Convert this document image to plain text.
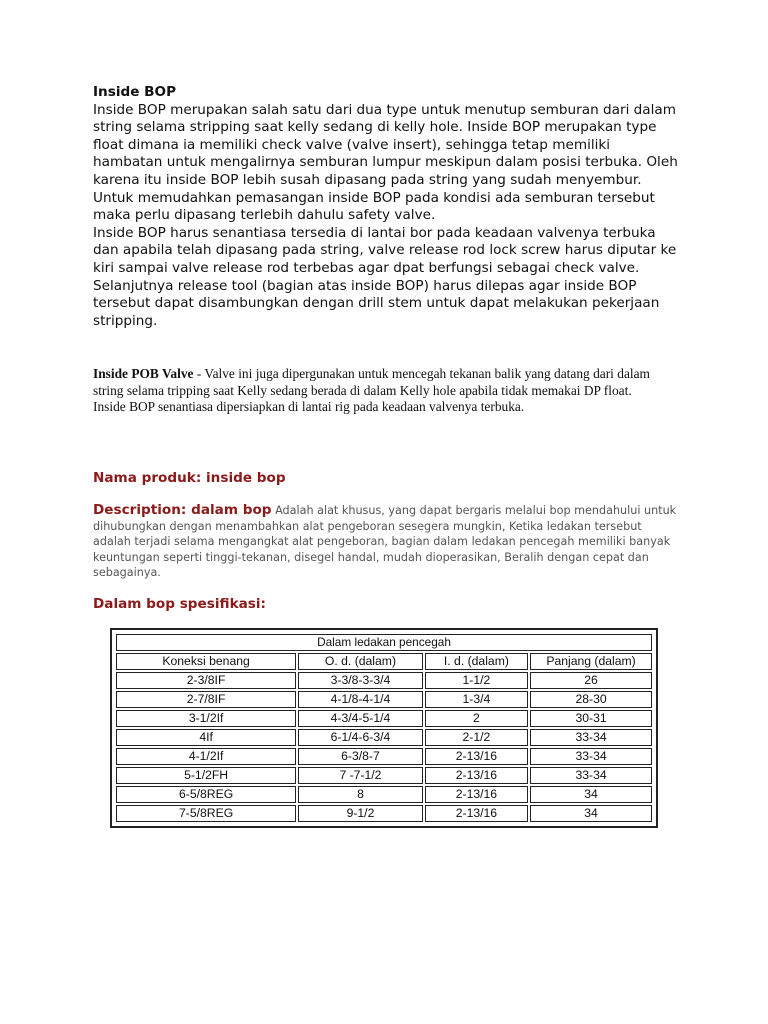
Inside BOP

Inside BOP merupakan salah satu dari dua type untuk menutup semburan dari dalam string selama stripping saat kelly sedang di kelly hole. Inside BOP merupakan type float dimana ia memiliki check valve (valve insert), sehingga tetap memiliki hambatan untuk mengalirnya semburan lumpur meskipun dalam posisi terbuka. Oleh karena itu inside BOP lebih susah dipasang pada string yang sudah menyembur. Untuk memudahkan pemasangan inside BOP pada kondisi ada semburan tersebut maka perlu dipasang terlebih dahulu safety valve.

Inside BOP harus senantiasa tersedia di lantai bor pada keadaan valvenya terbuka dan apabila telah dipasang pada string, valve release rod lock screw harus diputar ke kiri sampai valve release rod terbebas agar dpat berfungsi sebagai check valve.

Selanjutnya release tool (bagian atas inside BOP) harus dilepas agar inside BOP tersebut dapat disambungkan dengan drill stem untuk dapat melakukan pekerjaan stripping.

Inside POB Valve - Valve ini juga dipergunakan untuk mencegah tekanan balik yang datang dari dalam string selama tripping saat Kelly sedang berada di dalam Kelly hole apabila tidak memakai DP float.

Inside BOP senantiasa dipersiapkan di lantai rig pada keadaan valvenya terbuka.

Nama produk: inside bop

Description: dalam bop Adalah alat khusus, yang dapat bergaris melalui bop mendahului untuk dihubungkan dengan menambahkan alat pengeboran sesegera mungkin, Ketika ledakan tersebut adalah terjadi selama mengangkat alat pengeboran, bagian dalam ledakan pencegah memiliki banyak keuntungan seperti tinggi-tekanan, disegel handal, mudah dioperasikan, Beralih dengan cepat dan sebagainya.

Dalam bop spesifikasi:

Dalam ledakan pencegah			
Koneksi benang	O. d. (dalam)	I. d. (dalam)	Panjang (dalam)
2-3/8IF	3-3/8-3-3/4	1-1/2	26
2-7/8IF	4-1/8-4-1/4	1-3/4	28-30
3-1/2If	4-3/4-5-1/4	2	30-31
4If	6-1/4-6-3/4	2-1/2	33-34
4-1/2If	6-3/8-7	2-13/16	33-34
5-1/2FH	7 -7-1/2	2-13/16	33-34
6-5/8REG	8	2-13/16	34
7-5/8REG	9-1/2	2-13/16	34
